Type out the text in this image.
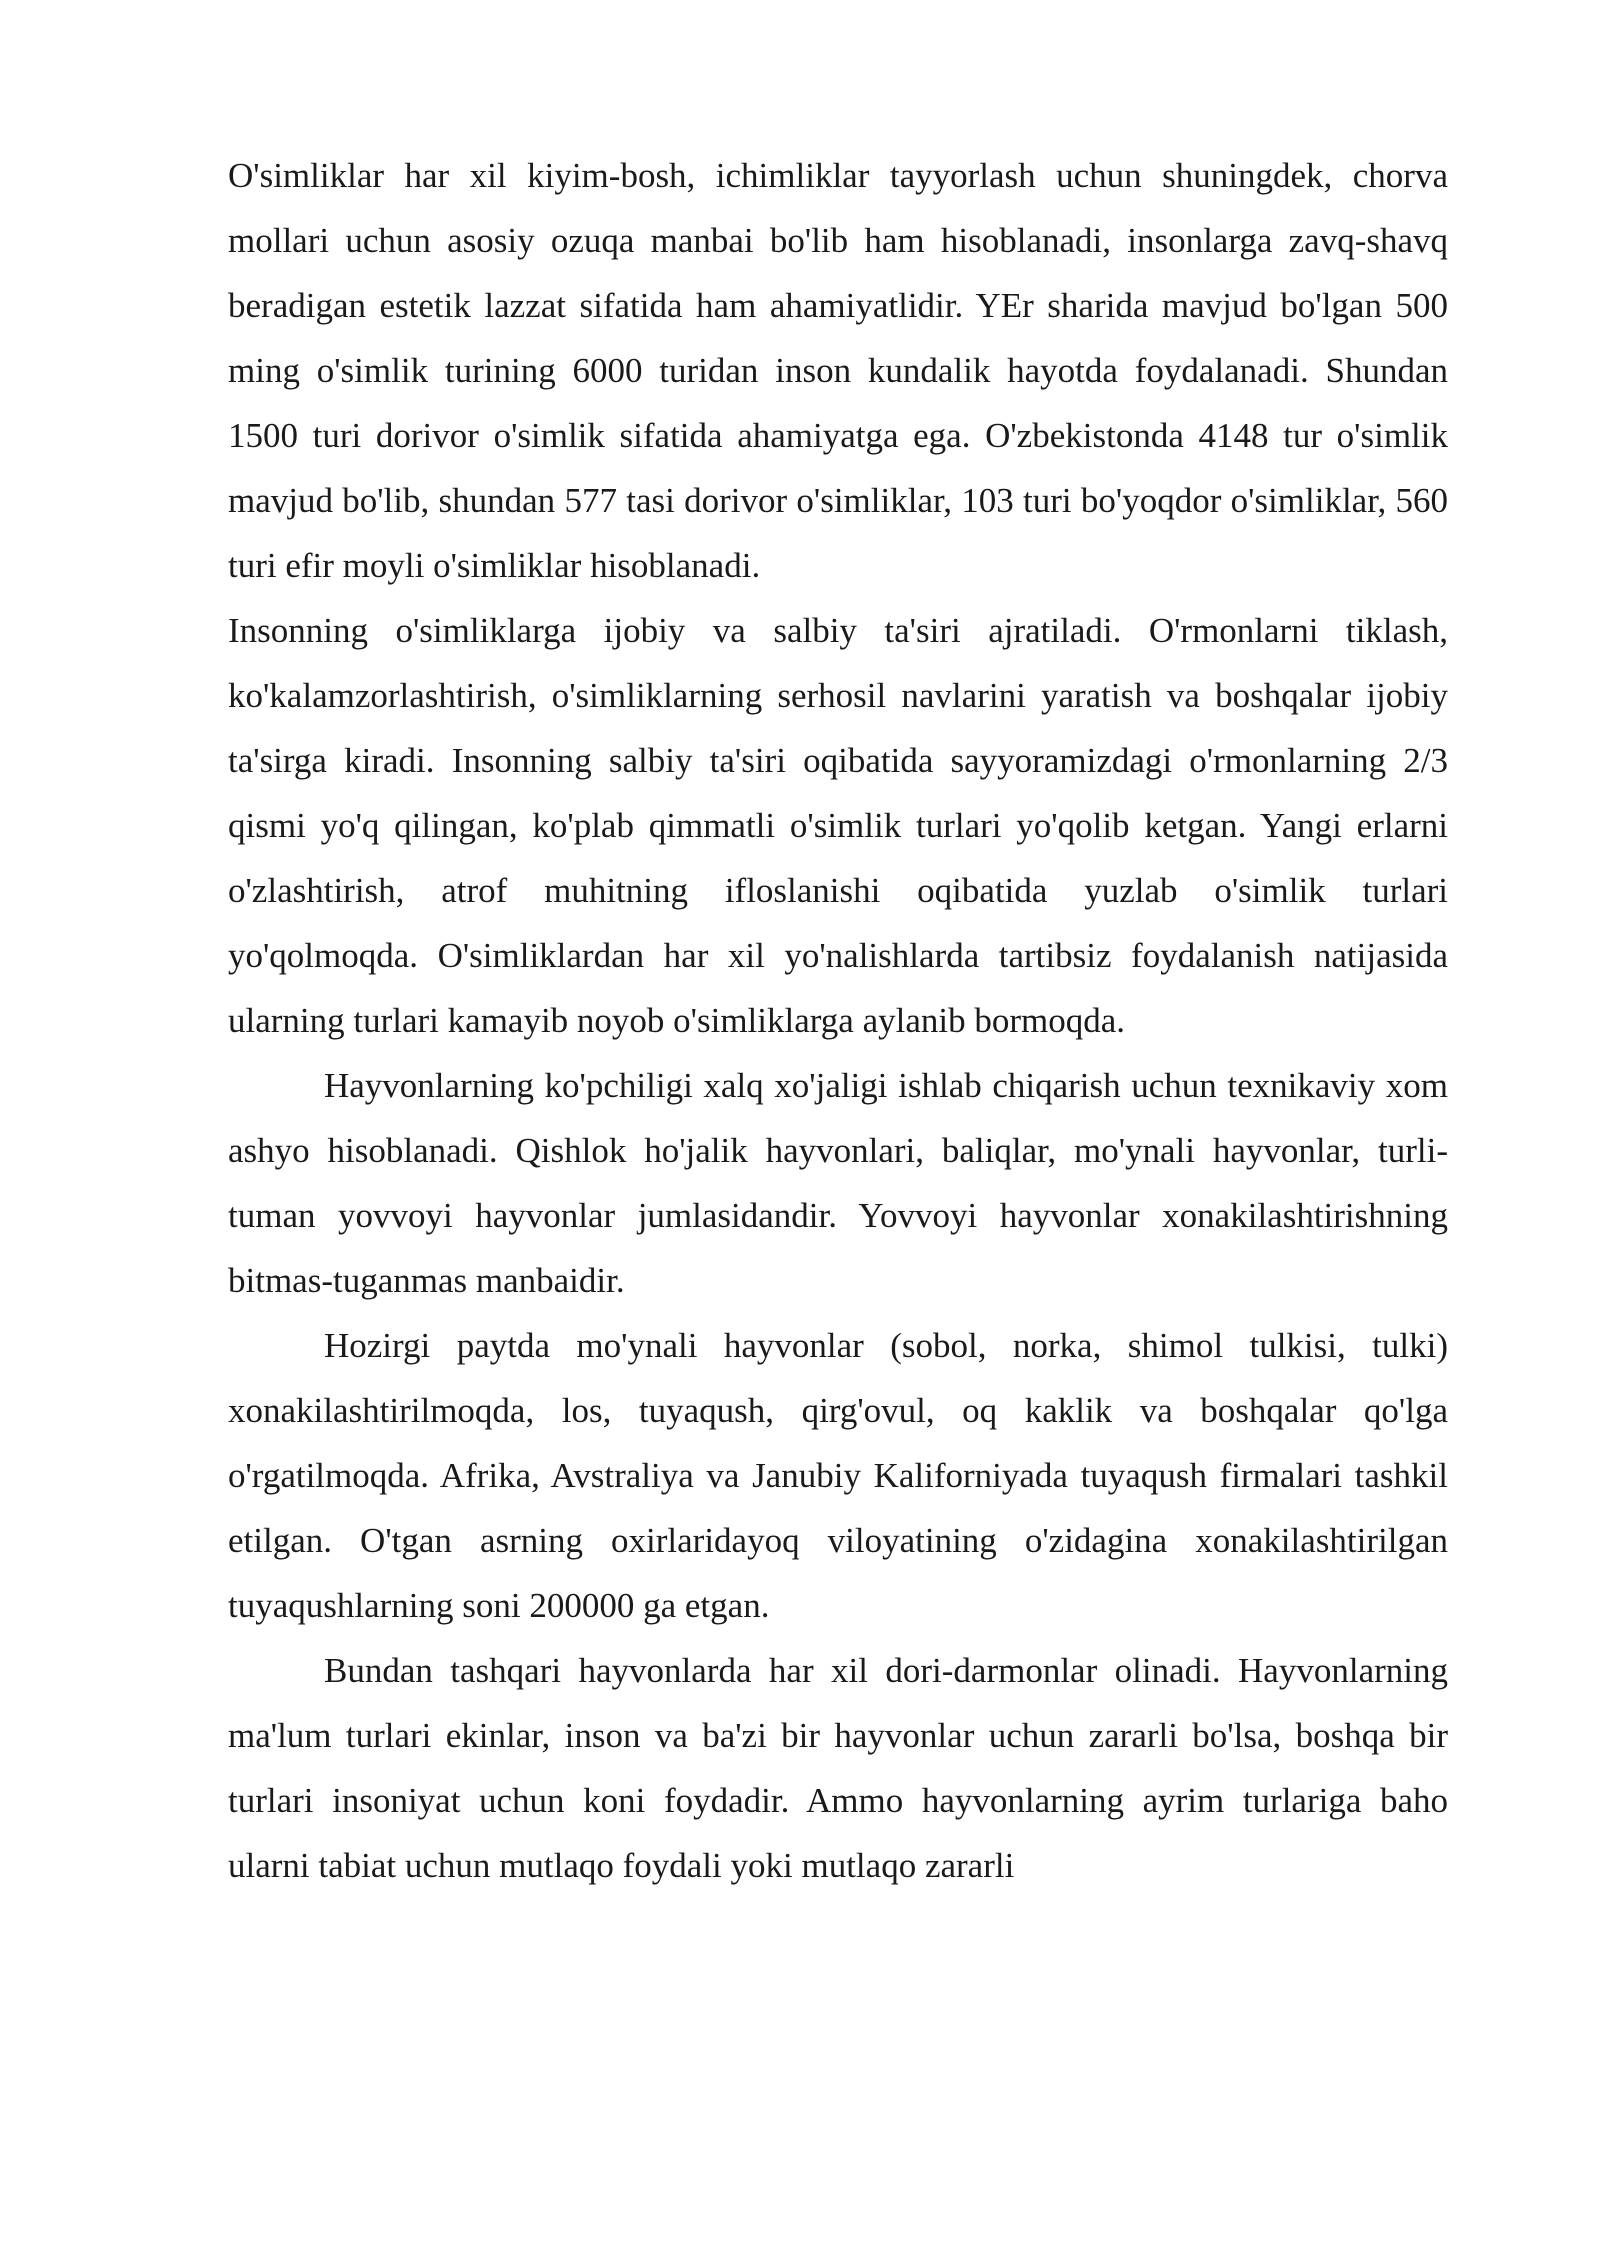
O'simliklar har xil kiyim-bosh, ichimliklar tayyorlash uchun shuningdek, chorva mollari uchun asosiy ozuqa manbai bo'lib ham hisoblanadi, insonlarga zavq-shavq beradigan estetik lazzat sifatida ham ahamiyatlidir. YEr sharida mavjud bo'lgan 500 ming o'simlik turining 6000 turidan inson kundalik hayotda foydalanadi. Shundan 1500 turi dorivor o'simlik sifatida ahamiyatga ega. O'zbekistonda 4148 tur o'simlik mavjud bo'lib, shundan 577 tasi dorivor o'simliklar, 103 turi bo'yoqdor o'simliklar, 560 turi efir moyli o'simliklar hisoblanadi.

Insonning o'simliklarga ijobiy va salbiy ta'siri ajratiladi. O'rmonlarni tiklash, ko'kalamzorlashtirish, o'simliklarning serhosil navlarini yaratish va boshqalar ijobiy ta'sirga kiradi. Insonning salbiy ta'siri oqibatida sayyoramizdagi o'rmonlarning 2/3 qismi yo'q qilingan, ko'plab qimmatli o'simlik turlari yo'qolib ketgan. Yangi erlarni o'zlashtirish, atrof muhitning ifloslanishi oqibatida yuzlab o'simlik turlari yo'qolmoqda. O'simliklardan har xil yo'nalishlarda tartibsiz foydalanish natijasida ularning turlari kamayib noyob o'simliklarga aylanib bormoqda.

Hayvonlarning ko'pchiligi xalq xo'jaligi ishlab chiqarish uchun texnikaviy xom ashyo hisoblanadi. Qishlok ho'jalik hayvonlari, baliqlar, mo'ynali hayvonlar, turli-tuman yovvoyi hayvonlar jumlasidandir. Yovvoyi hayvonlar xonakilashtirishning bitmas-tuganmas manbaidir.

Hozirgi paytda mo'ynali hayvonlar (sobol, norka, shimol tulkisi, tulki) xonakilashtirilmoqda, los, tuyaqush, qirg'ovul, oq kaklik va boshqalar qo'lga o'rgatilmoqda. Afrika, Avstraliya va Janubiy Kaliforniyada tuyaqush firmalari tashkil etilgan. O'tgan asrning oxirlaridayoq viloyatining o'zidagina xonakilashtirilgan tuyaqushlarning soni 200000 ga etgan.

Bundan tashqari hayvonlarda har xil dori-darmonlar olinadi. Hayvonlarning ma'lum turlari ekinlar, inson va ba'zi bir hayvonlar uchun zararli bo'lsa, boshqa bir turlari insoniyat uchun koni foydadir. Ammo hayvonlarning ayrim turlariga baho ularni tabiat uchun mutlaqo foydali yoki mutlaqo zararli
